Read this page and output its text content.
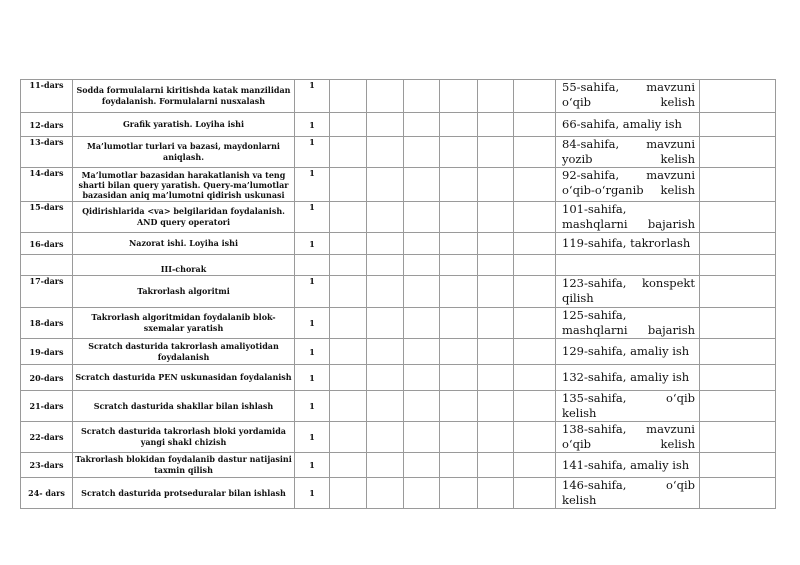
11-dars	Sodda formulalarni kiritishda katak manzilidan foydalanish. Formulalarni nusxalash	1							55-sahifa, mavzuni o‘qib kelish	
12-dars	Grafik yaratish. Loyiha ishi	1							66-sahifa, amaliy ish	
13-dars	Ma’lumotlar turlari va bazasi, maydonlarni aniqlash.	1							84-sahifa, mavzuni yozib kelish	
14-dars	Ma’lumotlar bazasidan harakatlanish va teng sharti bilan query yaratish. Query-ma’lumotlar bazasidan aniq ma’lumotni qidirish uskunasi	1							92-sahifa, mavzuni o‘qib-o‘rganib kelish	
15-dars	Qidirishlarida <va> belgilaridan foydalanish. AND query operatori	1							101-sahifa, mashqlarni bajarish	
16-dars	Nazorat ishi. Loyiha ishi	1							119-sahifa, takrorlash	
	III-chorak									
17-dars	Takrorlash algoritmi	1							123-sahifa, konspekt qilish	
18-dars	Takrorlash algoritmidan foydalanib blok-sxemalar yaratish	1							125-sahifa, mashqlarni bajarish	
19-dars	Scratch dasturida takrorlash amaliyotidan foydalanish	1							129-sahifa, amaliy ish	
20-dars	Scratch dasturida PEN uskunasidan foydalanish	1							132-sahifa, amaliy ish	
21-dars	Scratch dasturida shakllar bilan ishlash	1							135-sahifa, o‘qib kelish	
22-dars	Scratch dasturida takrorlash bloki yordamida yangi shakl chizish	1							138-sahifa, mavzuni o‘qib kelish	
23-dars	Takrorlash blokidan foydalanib dastur natijasini taxmin qilish	1							141-sahifa, amaliy ish	
24- dars	Scratch dasturida protseduralar bilan ishlash	1							146-sahifa, o‘qib kelish	
